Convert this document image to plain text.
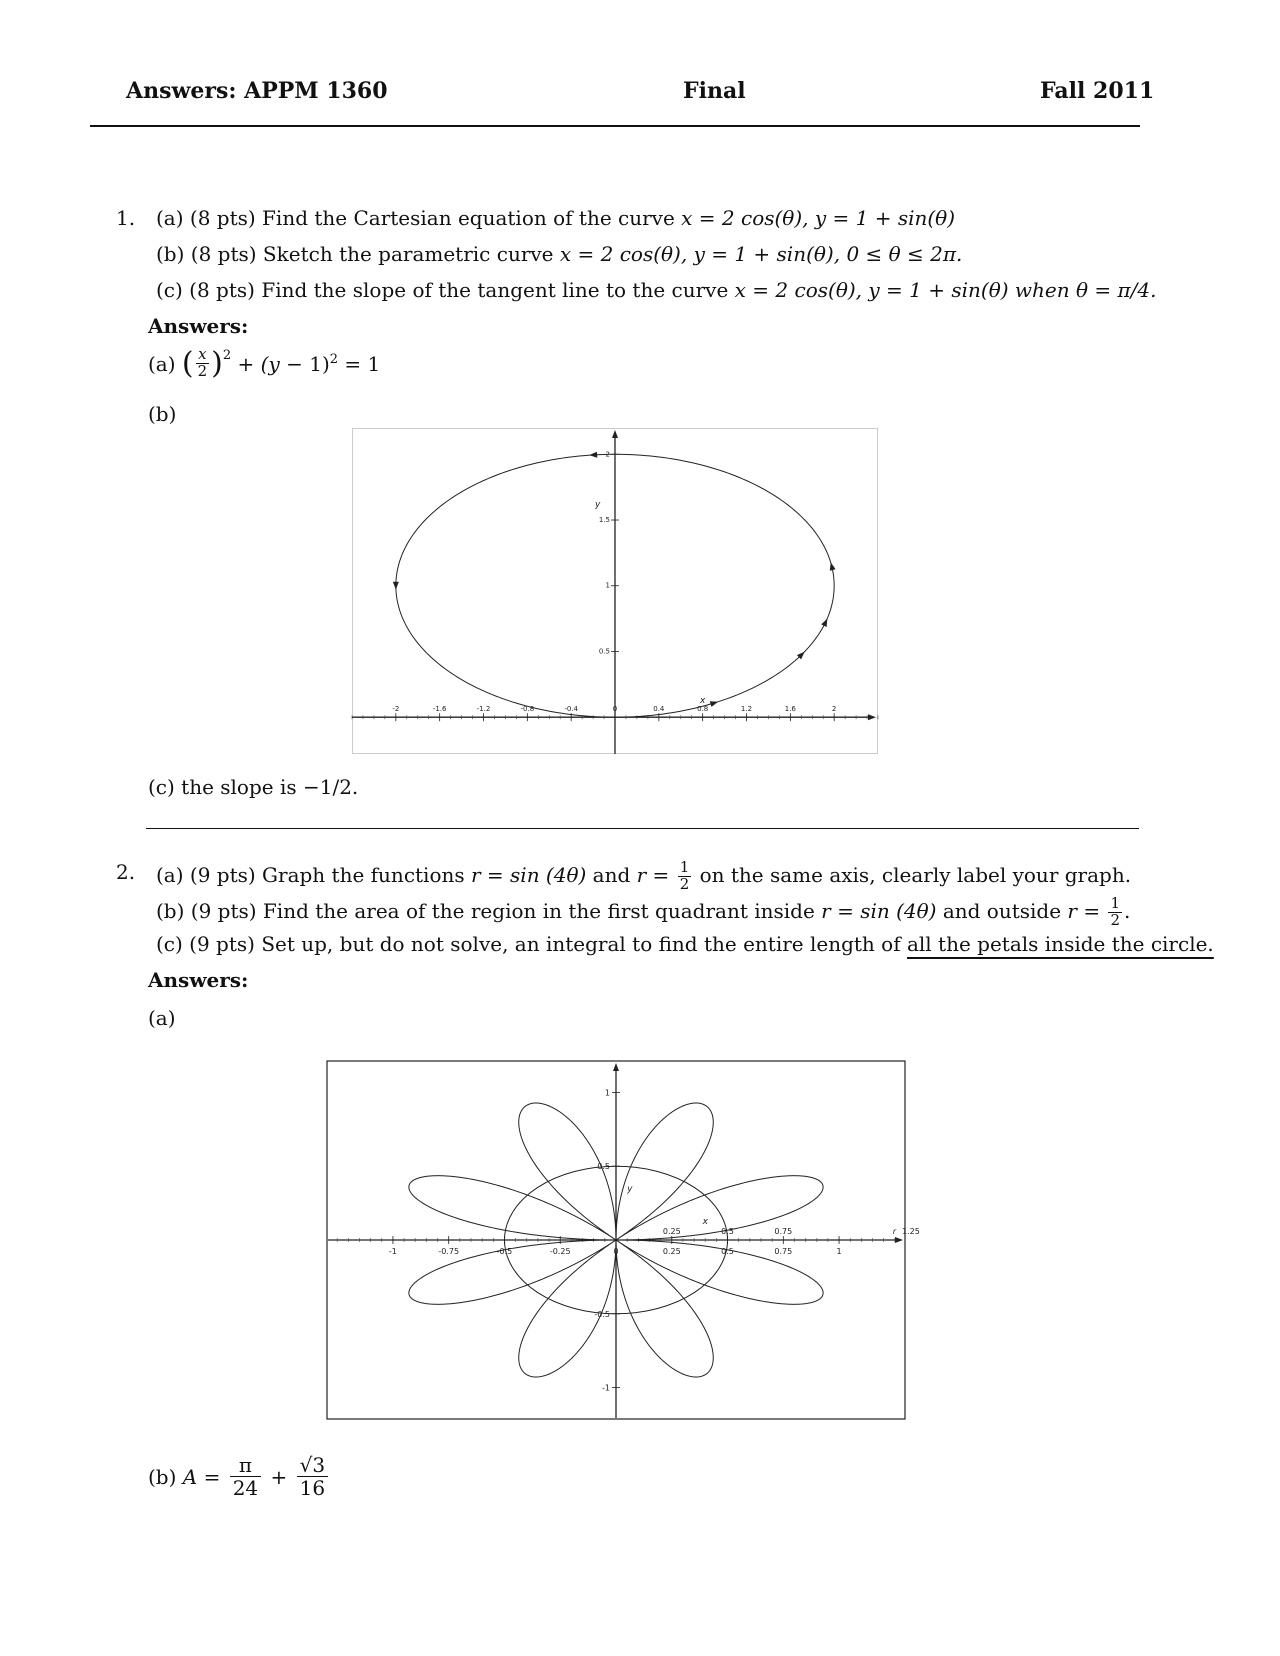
Answers: APPM 1360	Final	Fall 2011
1. (a) (8 pts) Find the Cartesian equation of the curve x = 2 cos(θ), y = 1 + sin(θ)
(b) (8 pts) Sketch the parametric curve x = 2 cos(θ), y = 1 + sin(θ), 0 ≤ θ ≤ 2π.
(c) (8 pts) Find the slope of the tangent line to the curve x = 2 cos(θ), y = 1 + sin(θ) when θ = π/4.
Answers:
(a)
( $\frac{x}{2} )^2 + (y - 1)^2 = 1$
(b)
-2	-1.6	-1.2	-0.8	-0.4	0	0.4	0.8	1.2	1.6	2
0.5
1
1.5
2
x
y
(c) the slope is −1/2.
2. (a) (9 pts) Graph the functions r = sin (4θ) and $r = \frac{1}{2}$ on the same axis, clearly label your graph.
(b) (9 pts) Find the area of the region in the first quadrant inside r = sin (4θ) and outside $r = \frac{1}{2}$ .
(c) (9 pts) Set up, but do not solve, an integral to find the entire length of all the petals inside the circle.
Answers:
(a)
-1	-0.75	-0.5	-0.25	0	0.25	0.5	0.75	1
0.25	0.5	0.75	1.25
r
-1
-0.5
0.5
1
x
y
(b)
A =
$\frac{\pi}{24} + √3$
16
